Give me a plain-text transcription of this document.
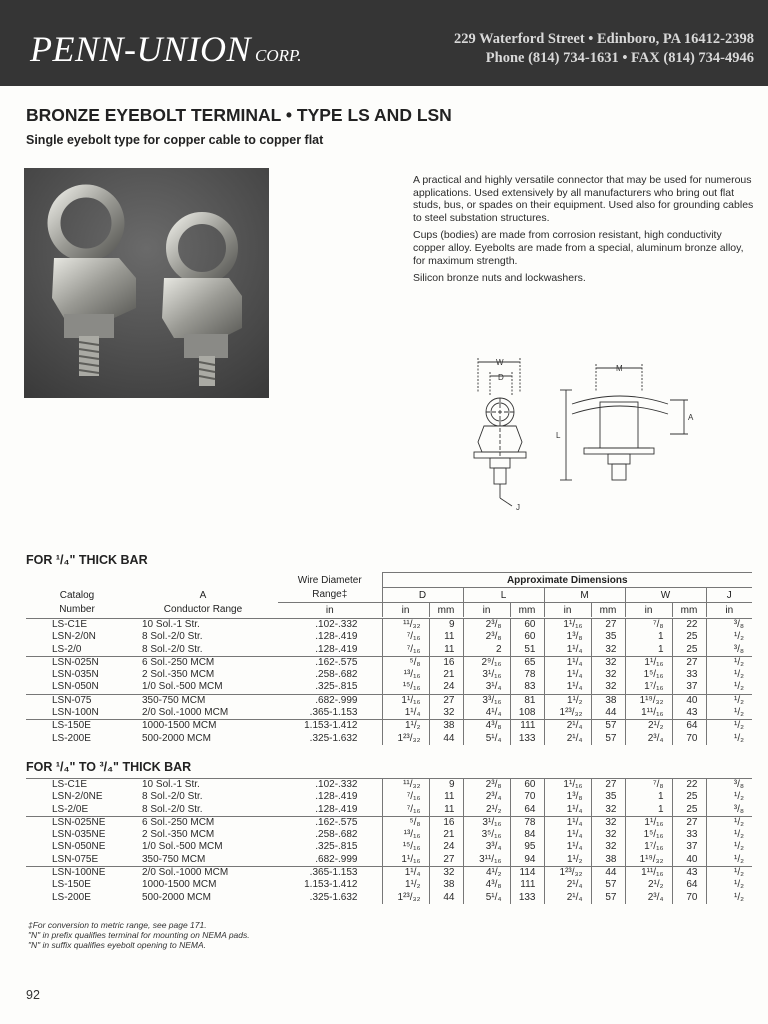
PENN-UNION CORP.
229 Waterford Street • Edinboro, PA 16412-2398
Phone (814) 734-1631 • FAX (814) 734-4946
BRONZE EYEBOLT TERMINAL • TYPE LS AND LSN
Single eyebolt type for copper cable to copper flat

A practical and highly versatile connector that may be used for numerous applications. Used extensively by all manufacturers who bring out flat studs, bus, or spades on their equipment. Used also for grounding cables to steel substation structures.

Cups (bodies) are made from corrosion resistant, high conductivity copper alloy. Eyebolts are made from a special, aluminum bronze alloy, for maximum strength.

Silicon bronze nuts and lockwashers.

W
D
J
M
A
L
FOR ¹/₄" THICK BAR
		Wire Diameter	Approximate Dimensions								
Catalog	A	Range‡	D		L		M		W		J
Number	Conductor Range	in	in	mm	in	mm	in	mm	in	mm	in
LS-C1E	10 Sol.-1 Str.	.102-.332	¹¹/₃₂	9	2³/₈	60	1¹/₁₆	27	⁷/₈	22	³/₈
LSN-2/0N	8 Sol.-2/0 Str.	.128-.419	⁷/₁₆	11	2³/₈	60	1³/₈	35	1	25	¹/₂
LS-2/0	8 Sol.-2/0 Str.	.128-.419	⁷/₁₆	11	2	51	1¹/₄	32	1	25	³/₈
LSN-025N	6 Sol.-250 MCM	.162-.575	⁵/₈	16	2⁹/₁₆	65	1¹/₄	32	1¹/₁₆	27	¹/₂
LSN-035N	2 Sol.-350 MCM	.258-.682	¹³/₁₆	21	3¹/₁₆	78	1¹/₄	32	1⁵/₁₆	33	¹/₂
LSN-050N	1/0 Sol.-500 MCM	.325-.815	¹⁵/₁₆	24	3¹/₄	83	1¹/₄	32	1⁷/₁₆	37	¹/₂
LSN-075	350-750 MCM	.682-.999	1¹/₁₆	27	3³/₁₆	81	1¹/₂	38	1¹⁹/₃₂	40	¹/₂
LSN-100N	2/0 Sol.-1000 MCM	.365-1.153	1¹/₄	32	4¹/₄	108	1²³/₃₂	44	1¹¹/₁₆	43	¹/₂
LS-150E	1000-1500 MCM	1.153-1.412	1¹/₂	38	4³/₈	111	2¹/₄	57	2¹/₂	64	¹/₂
LS-200E	500-2000 MCM	.325-1.632	1²³/₃₂	44	5¹/₄	133	2¹/₄	57	2³/₄	70	¹/₂
FOR ¹/₄" TO ³/₄" THICK BAR
LS-C1E	10 Sol.-1 Str.	.102-.332	¹¹/₃₂	9	2³/₈	60	1¹/₁₆	27	⁷/₈	22	³/₈
LSN-2/0NE	8 Sol.-2/0 Str.	.128-.419	⁷/₁₆	11	2³/₄	70	1³/₈	35	1	25	¹/₂
LS-2/0E	8 Sol.-2/0 Str.	.128-.419	⁷/₁₆	11	2¹/₂	64	1¹/₄	32	1	25	³/₈
LSN-025NE	6 Sol.-250 MCM	.162-.575	⁵/₈	16	3¹/₁₆	78	1¹/₄	32	1¹/₁₆	27	¹/₂
LSN-035NE	2 Sol.-350 MCM	.258-.682	¹³/₁₆	21	3⁵/₁₆	84	1¹/₄	32	1⁵/₁₆	33	¹/₂
LSN-050NE	1/0 Sol.-500 MCM	.325-.815	¹⁵/₁₆	24	3³/₄	95	1¹/₄	32	1⁷/₁₆	37	¹/₂
LSN-075E	350-750 MCM	.682-.999	1¹/₁₆	27	3¹¹/₁₆	94	1¹/₂	38	1¹⁹/₃₂	40	¹/₂
LSN-100NE	2/0 Sol.-1000 MCM	.365-1.153	1¹/₄	32	4¹/₂	114	1²³/₃₂	44	1¹¹/₁₆	43	¹/₂
LS-150E	1000-1500 MCM	1.153-1.412	1¹/₂	38	4³/₈	111	2¹/₄	57	2¹/₂	64	¹/₂
LS-200E	500-2000 MCM	.325-1.632	1²³/₃₂	44	5¹/₄	133	2¹/₄	57	2³/₄	70	¹/₂
‡For conversion to metric range, see page 171.
"N" in prefix qualifies terminal for mounting on NEMA pads.
"N" in suffix qualifies eyebolt opening to NEMA.
92
